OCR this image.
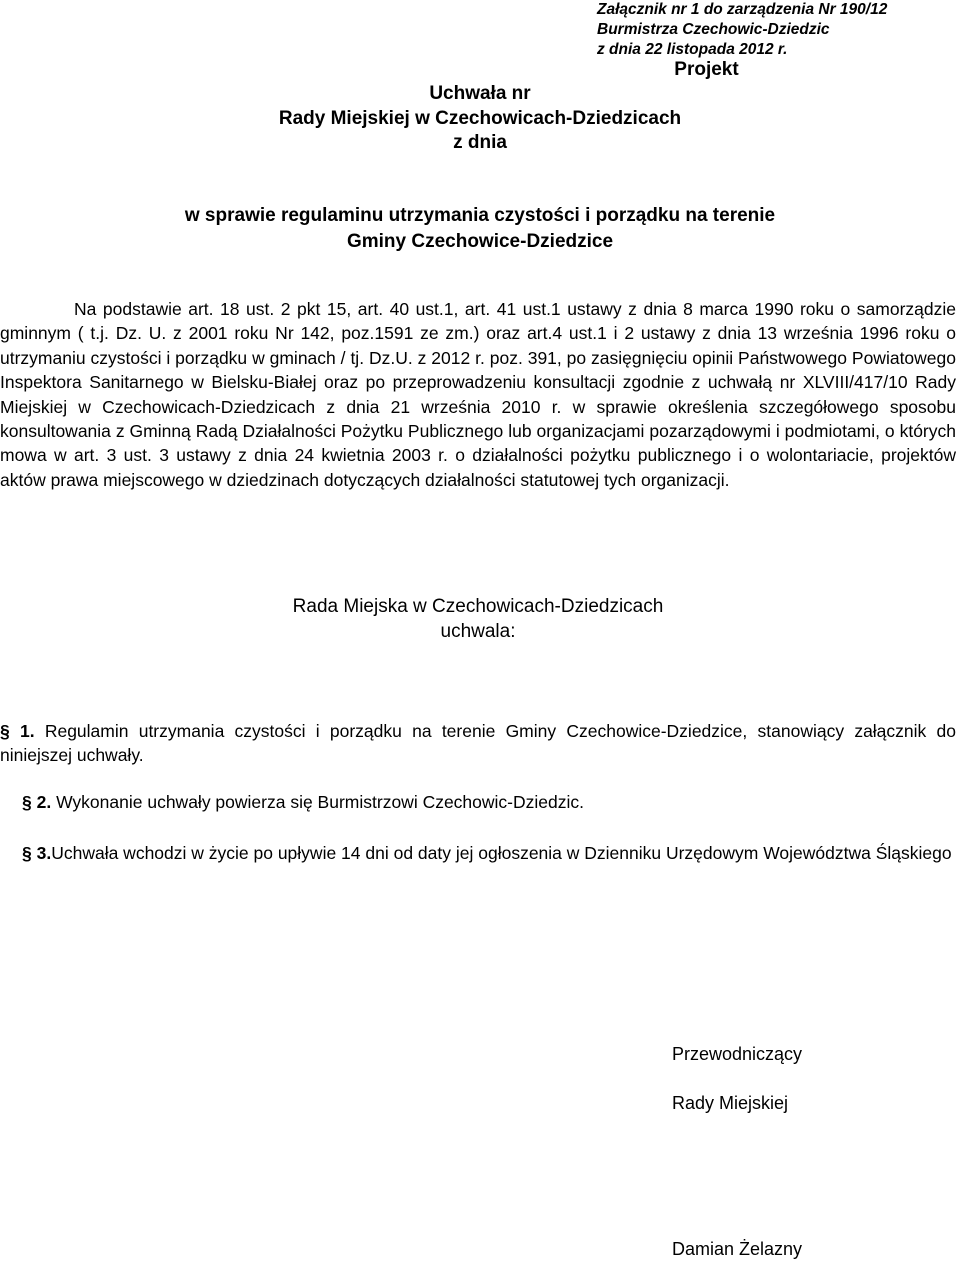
Załącznik nr 1 do zarządzenia Nr 190/12
Burmistrza Czechowic-Dziedzic
z dnia 22 listopada 2012 r.
Projekt
Uchwała nr
Rady Miejskiej w Czechowicach-Dziedzicach
z dnia
w sprawie regulaminu utrzymania czystości i porządku na terenie
Gminy Czechowice-Dziedzice
Na podstawie art. 18 ust. 2 pkt 15, art. 40 ust.1, art. 41 ust.1 ustawy z dnia 8 marca 1990 roku o samorządzie gminnym ( t.j. Dz. U. z 2001 roku Nr 142, poz.1591 ze zm.) oraz art.4 ust.1 i 2 ustawy z dnia 13 września 1996 roku o utrzymaniu czystości i porządku w gminach / tj. Dz.U. z 2012 r. poz. 391, po zasięgnięciu opinii Państwowego Powiatowego Inspektora Sanitarnego w Bielsku-Białej oraz po przeprowadzeniu konsultacji zgodnie z uchwałą nr XLVIII/417/10 Rady Miejskiej w Czechowicach-Dziedzicach z dnia 21 września 2010 r. w sprawie określenia szczegółowego sposobu konsultowania z Gminną Radą Działalności Pożytku Publicznego lub organizacjami pozarządowymi i podmiotami, o których mowa w art. 3 ust. 3 ustawy z dnia 24 kwietnia 2003 r. o działalności pożytku publicznego i o wolontariacie, projektów aktów prawa miejscowego w dziedzinach dotyczących działalności statutowej tych organizacji.
Rada Miejska w Czechowicach-Dziedzicach
uchwala:
§ 1. Regulamin utrzymania czystości i porządku na terenie Gminy Czechowice-Dziedzice, stanowiący załącznik do niniejszej uchwały.
§ 2. Wykonanie uchwały powierza się Burmistrzowi Czechowic-Dziedzic.
§ 3.Uchwała wchodzi w życie po upływie 14 dni od daty jej ogłoszenia w Dzienniku Urzędowym Województwa Śląskiego
Przewodniczący
Rady Miejskiej
Damian Żelazny
